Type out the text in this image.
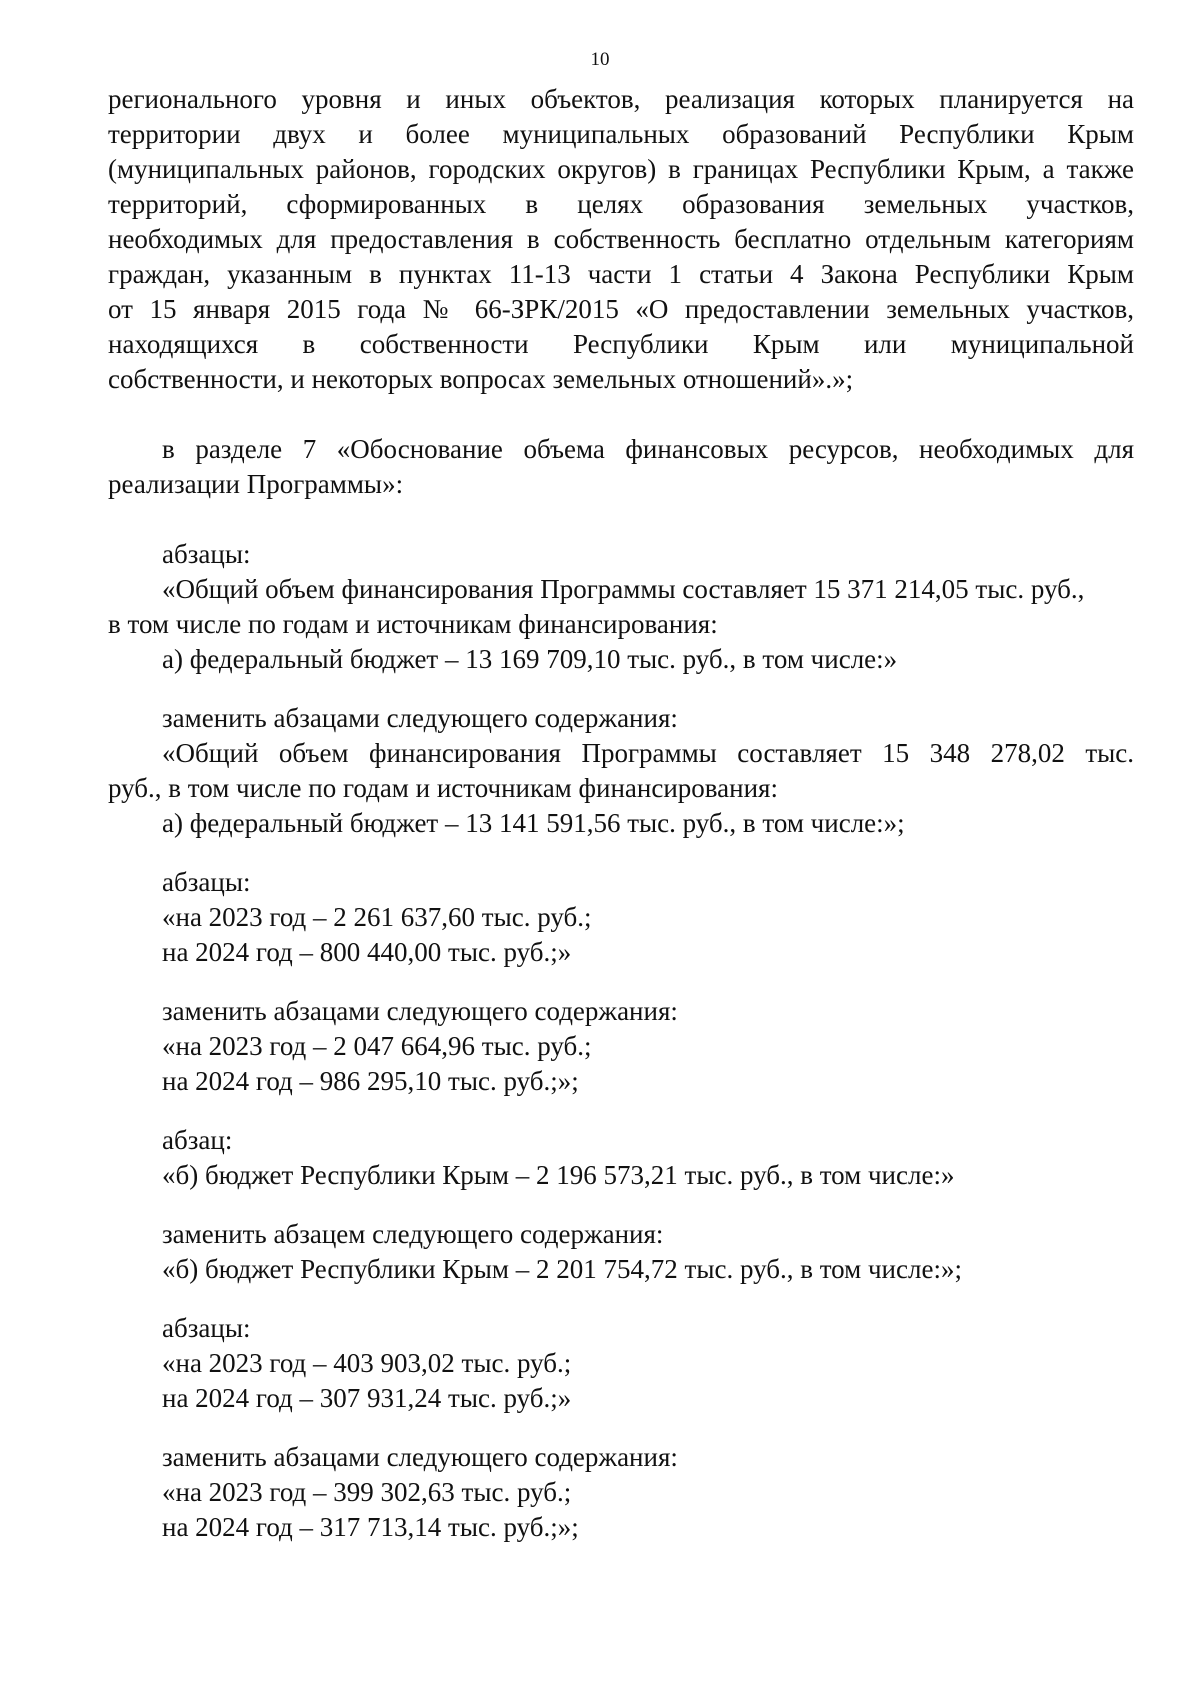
10
регионального уровня и иных объектов, реализация которых планируется на
территории двух и более муниципальных образований Республики Крым
(муниципальных районов, городских округов) в границах Республики Крым, а также
территорий, сформированных в целях образования земельных участков,
необходимых для предоставления в собственность бесплатно отдельным категориям
граждан, указанным в пунктах 11-13 части 1 статьи 4 Закона Республики Крым
от 15 января 2015 года № 66-ЗРК/2015 «О предоставлении земельных участков,
находящихся в собственности Республики Крым или муниципальной
собственности, и некоторых вопросах земельных отношений».»;
в разделе 7 «Обоснование объема финансовых ресурсов, необходимых для
реализации Программы»:
абзацы:
«Общий объем финансирования Программы составляет 15 371 214,05 тыс. руб.,
в том числе по годам и источникам финансирования:
а) федеральный бюджет – 13 169 709,10 тыс. руб., в том числе:»
заменить абзацами следующего содержания:
«Общий объем финансирования Программы составляет 15 348 278,02 тыс.
руб., в том числе по годам и источникам финансирования:
а) федеральный бюджет – 13 141 591,56 тыс. руб., в том числе:»;
абзацы:
«на 2023 год – 2 261 637,60 тыс. руб.;
на 2024 год – 800 440,00 тыс. руб.;»
заменить абзацами следующего содержания:
«на 2023 год – 2 047 664,96 тыс. руб.;
на 2024 год – 986 295,10 тыс. руб.;»;
абзац:
«б) бюджет Республики Крым – 2 196 573,21 тыс. руб., в том числе:»
заменить абзацем следующего содержания:
«б) бюджет Республики Крым – 2 201 754,72 тыс. руб., в том числе:»;
абзацы:
«на 2023 год – 403 903,02 тыс. руб.;
на 2024 год – 307 931,24 тыс. руб.;»
заменить абзацами следующего содержания:
«на 2023 год – 399 302,63 тыс. руб.;
на 2024 год – 317 713,14 тыс. руб.;»;
